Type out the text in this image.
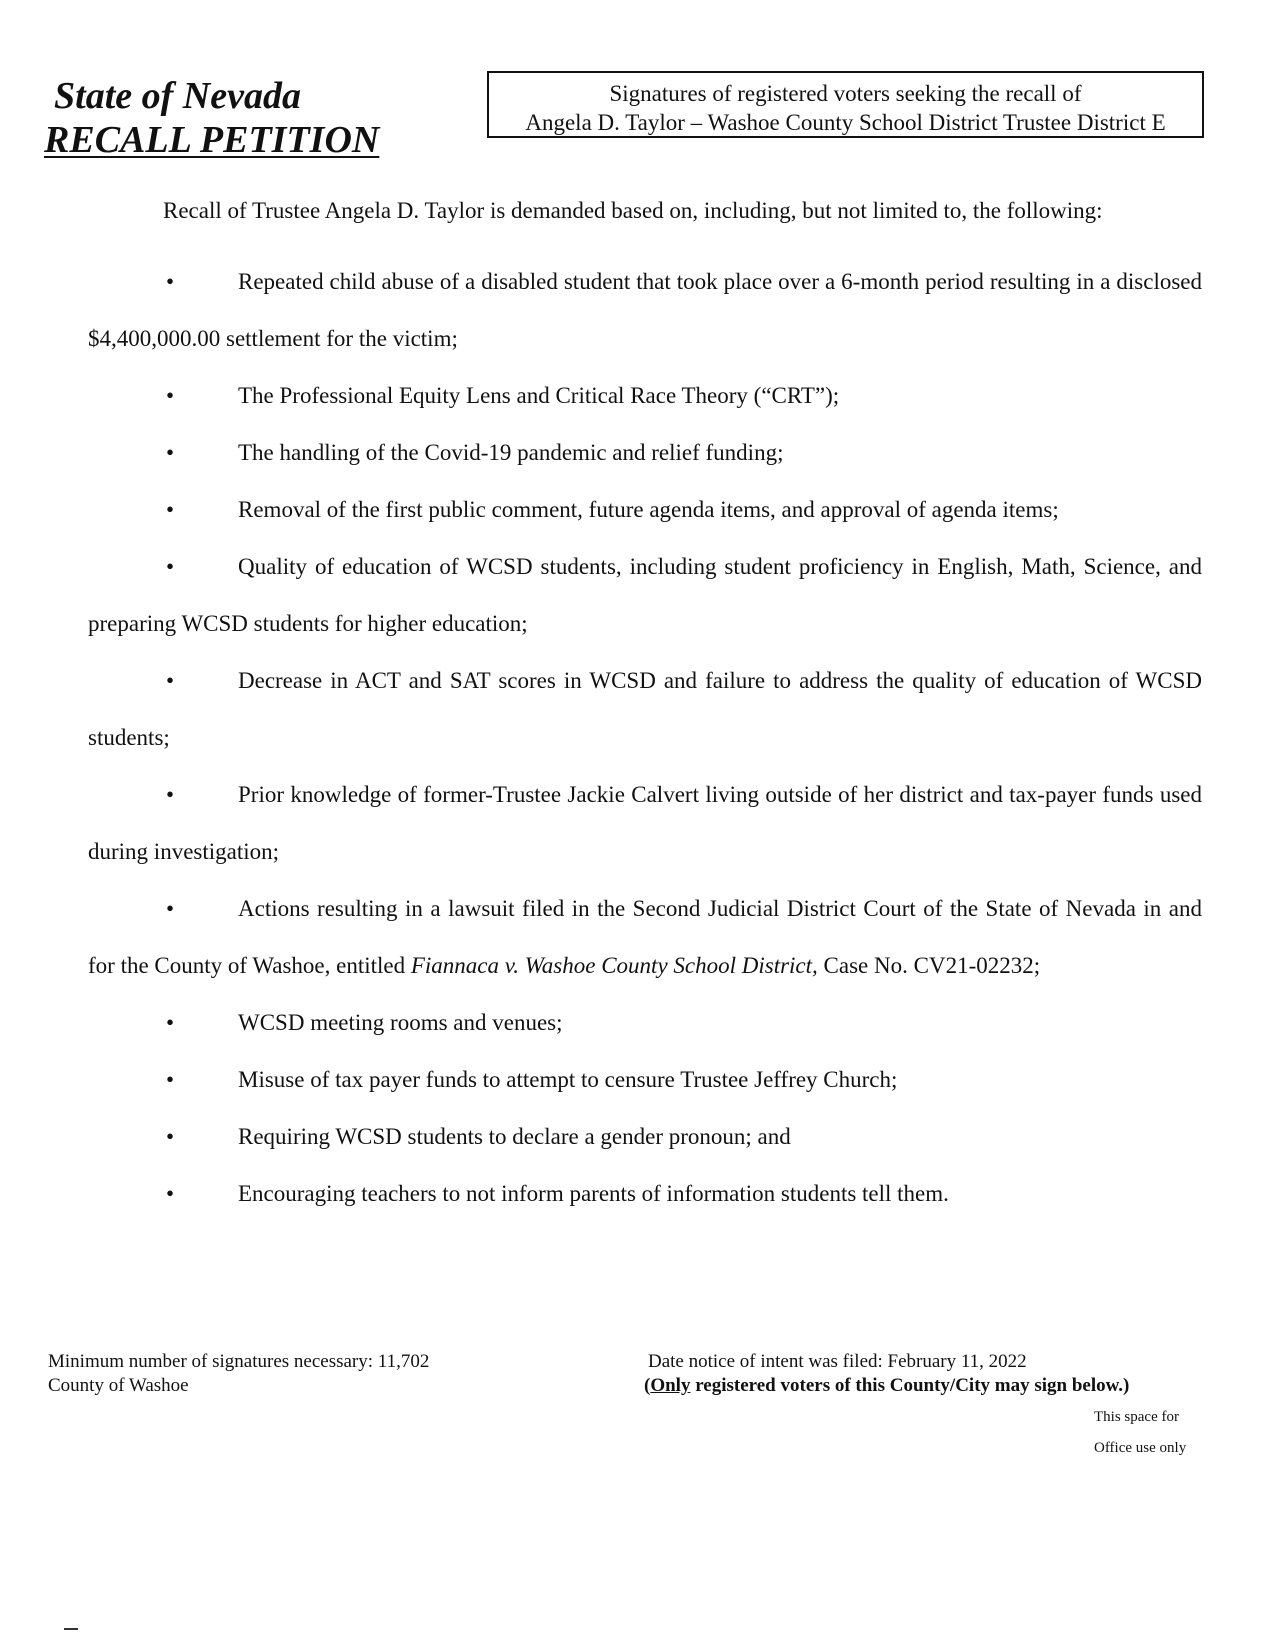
State of Nevada
RECALL PETITION
Signatures of registered voters seeking the recall of
Angela D. Taylor – Washoe County School District Trustee District E
Recall of Trustee Angela D. Taylor is demanded based on, including, but not limited to, the following:
•	Repeated child abuse of a disabled student that took place over a 6-month period resulting in a disclosed $4,400,000.00 settlement for the victim;
•	The Professional Equity Lens and Critical Race Theory (“CRT”);
•	The handling of the Covid-19 pandemic and relief funding;
•	Removal of the first public comment, future agenda items, and approval of agenda items;
•	Quality of education of WCSD students, including student proficiency in English, Math, Science, and preparing WCSD students for higher education;
•	Decrease in ACT and SAT scores in WCSD and failure to address the quality of education of WCSD students;
•	Prior knowledge of former-Trustee Jackie Calvert living outside of her district and tax-payer funds used during investigation;
•	Actions resulting in a lawsuit filed in the Second Judicial District Court of the State of Nevada in and for the County of Washoe, entitled Fiannaca v. Washoe County School District, Case No. CV21-02232;
•	WCSD meeting rooms and venues;
•	Misuse of tax payer funds to attempt to censure Trustee Jeffrey Church;
•	Requiring WCSD students to declare a gender pronoun; and
•	Encouraging teachers to not inform parents of information students tell them.
Minimum number of signatures necessary: 11,702
County of Washoe
Date notice of intent was filed: February 11, 2022
(Only registered voters of this County/City may sign below.)
This space for
Office use only
